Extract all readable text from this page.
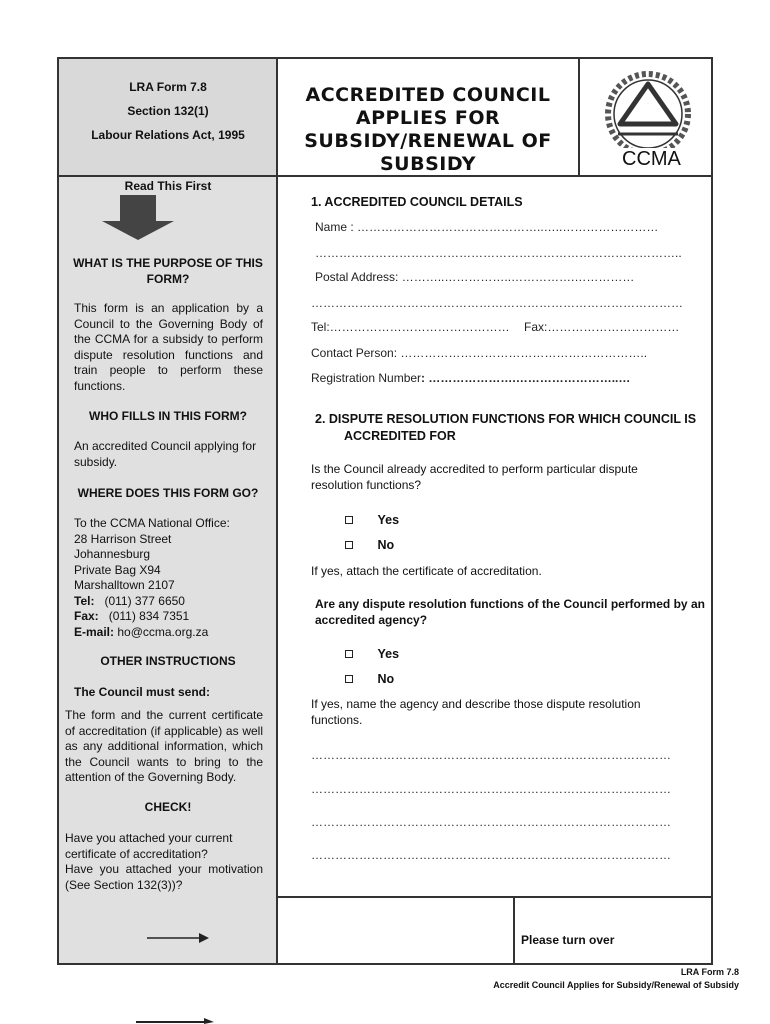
LRA Form 7.8
Section 132(1)
Labour Relations Act, 1995
ACCREDITED COUNCIL APPLIES FOR SUBSIDY/RENEWAL OF SUBSIDY	CCMA
Read This First
WHAT IS THE PURPOSE OF THIS FORM?
This form is an application by a Council to the Governing Body of the CCMA for a subsidy to perform dispute resolution functions and train people to perform these functions.
WHO FILLS IN THIS FORM?
An accredited Council applying for subsidy.
WHERE DOES THIS FORM GO?
To the CCMA National Office:
28 Harrison Street
Johannesburg
Private Bag X94
Marshalltown 2107
Tel: (011) 377 6650
Fax: (011) 834 7351
E-mail: ho@ccma.org.za
OTHER INSTRUCTIONS
The Council must send:
The form and the current certificate of accreditation (if applicable) as well as any additional information, which the Council wants to bring to the attention of the Governing Body.
CHECK!
Have you attached your current certificate of accreditation?
Have you attached your motivation (See Section 132(3))?
1. ACCREDITED COUNCIL DETAILS
Name : ………………………………………..…..……………………
………………………………………………………………………………..
Postal Address: ………..……………..…………….……………
…………………………………………………………………………………
Tel:………………………………………	Fax:……………………………
Contact Person: ……………………………………………………..
Registration Number: ………………….……………………..…
2. DISPUTE RESOLUTION FUNCTIONS FOR WHICH COUNCIL IS
ACCREDITED FOR
Is the Council already accredited to perform particular dispute resolution functions?
Yes
No
If yes, attach the certificate of accreditation.
Are any dispute resolution functions of the Council performed by an accredited agency?
Yes
No
If yes, name the agency and describe those dispute resolution functions.
………………………………………………………………………………
………………………………………………………………………………
………………………………………………………………………………
………………………………………………………………………………
Please turn over
LRA Form 7.8
Accredit Council Applies for Subsidy/Renewal of Subsidy
